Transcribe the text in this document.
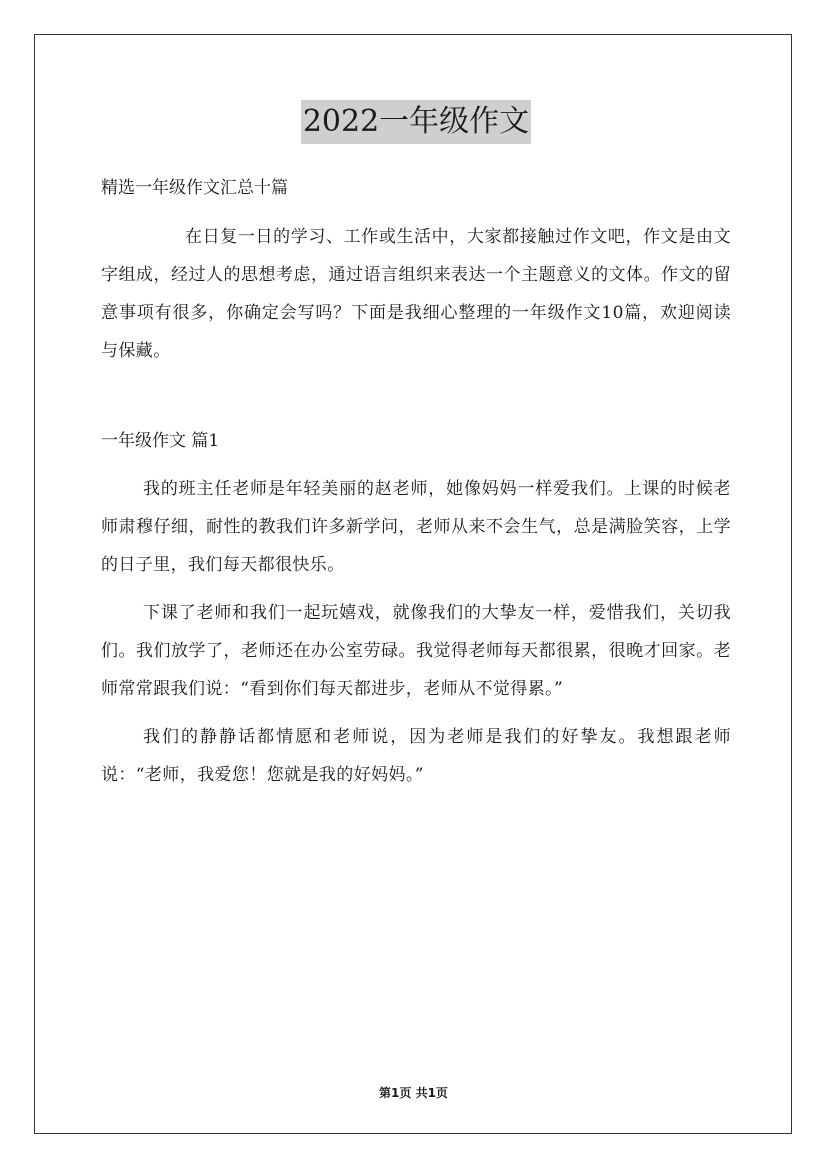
2022一年级作文
精选一年级作文汇总十篇

在日复一日的学习、工作或生活中，大家都接触过作文吧，作文是由文字组成，经过人的思想考虑，通过语言组织来表达一个主题意义的文体。作文的留意事项有很多，你确定会写吗？下面是我细心整理的一年级作文10篇，欢迎阅读与保藏。

一年级作文 篇1

我的班主任老师是年轻美丽的赵老师，她像妈妈一样爱我们。上课的时候老师肃穆仔细，耐性的教我们许多新学问，老师从来不会生气，总是满脸笑容，上学的日子里，我们每天都很快乐。

下课了老师和我们一起玩嬉戏，就像我们的大挚友一样，爱惜我们，关切我们。我们放学了，老师还在办公室劳碌。我觉得老师每天都很累，很晚才回家。老师常常跟我们说：“看到你们每天都进步，老师从不觉得累。”

我们的静静话都情愿和老师说，因为老师是我们的好挚友。我想跟老师说：“老师，我爱您！您就是我的好妈妈。”

第1页 共1页
